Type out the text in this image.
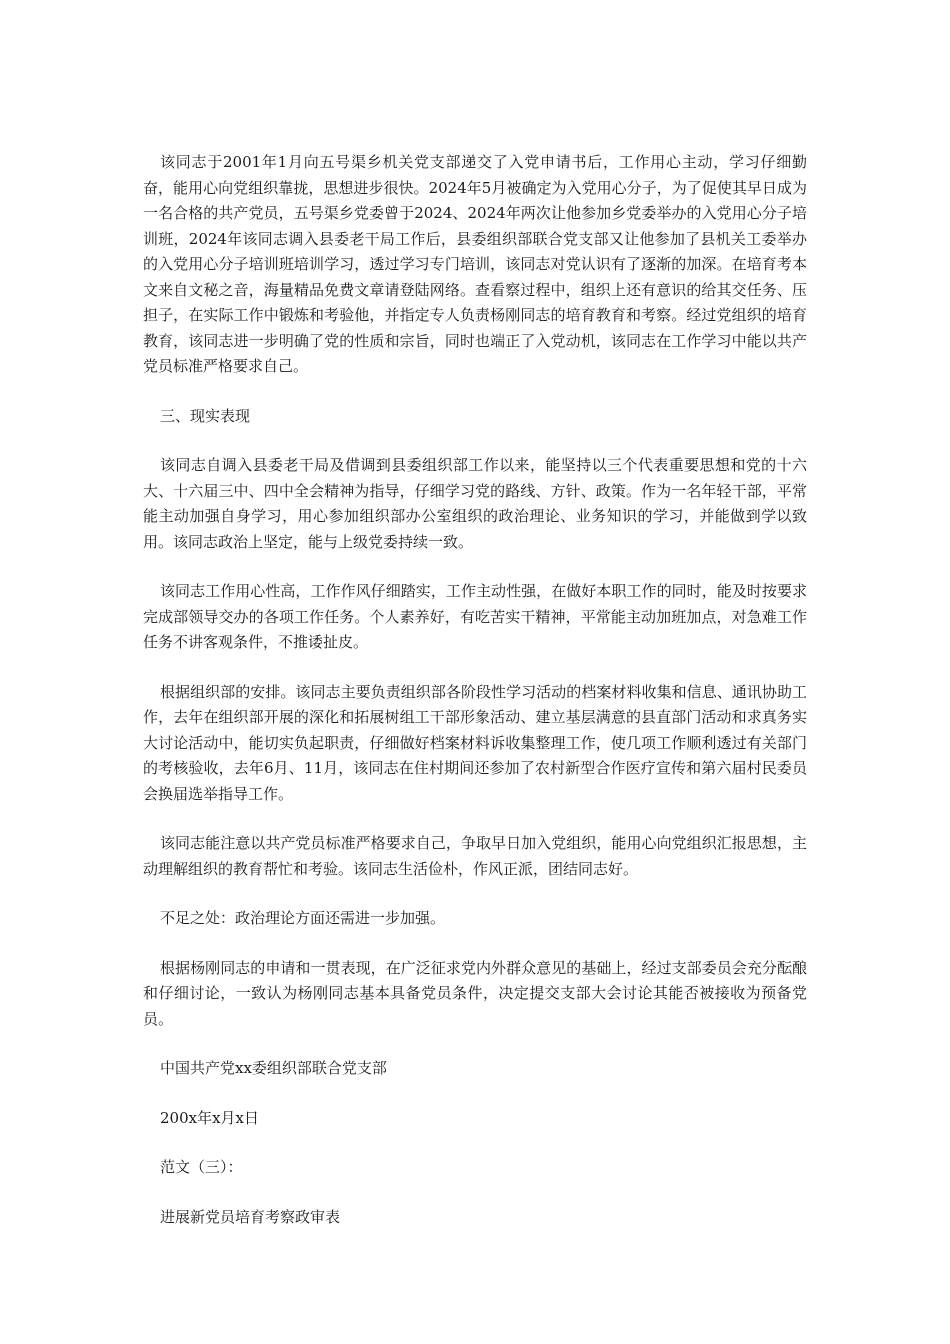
该同志于2001年1月向五号渠乡机关党支部递交了入党申请书后，工作用心主动，学习仔细勤奋，能用心向党组织靠拢，思想进步很快。2024年5月被确定为入党用心分子，为了促使其早日成为一名合格的共产党员，五号渠乡党委曾于2024、2024年两次让他参加乡党委举办的入党用心分子培训班，2024年该同志调入县委老干局工作后，县委组织部联合党支部又让他参加了县机关工委举办的入党用心分子培训班培训学习，透过学习专门培训，该同志对党认识有了逐渐的加深。在培育考本文来自文秘之音，海量精品免费文章请登陆网络。查看察过程中，组织上还有意识的给其交任务、压担子，在实际工作中锻炼和考验他，并指定专人负责杨刚同志的培育教育和考察。经过党组织的培育教育，该同志进一步明确了党的性质和宗旨，同时也端正了入党动机，该同志在工作学习中能以共产党员标准严格要求自己。

三、现实表现

该同志自调入县委老干局及借调到县委组织部工作以来，能坚持以三个代表重要思想和党的十六大、十六届三中、四中全会精神为指导，仔细学习党的路线、方针、政策。作为一名年轻干部，平常能主动加强自身学习，用心参加组织部办公室组织的政治理论、业务知识的学习，并能做到学以致用。该同志政治上坚定，能与上级党委持续一致。

该同志工作用心性高，工作作风仔细踏实，工作主动性强，在做好本职工作的同时，能及时按要求完成部领导交办的各项工作任务。个人素养好，有吃苦实干精神，平常能主动加班加点，对急难工作任务不讲客观条件，不推诿扯皮。

根据组织部的安排。该同志主要负责组织部各阶段性学习活动的档案材料收集和信息、通讯协助工作，去年在组织部开展的深化和拓展树组工干部形象活动、建立基层满意的县直部门活动和求真务实大讨论活动中，能切实负起职责，仔细做好档案材料诉收集整理工作，使几项工作顺利透过有关部门的考核验收，去年6月、11月，该同志在住村期间还参加了农村新型合作医疗宣传和第六届村民委员会换届选举指导工作。

该同志能注意以共产党员标准严格要求自己，争取早日加入党组织，能用心向党组织汇报思想，主动理解组织的教育帮忙和考验。该同志生活俭朴，作风正派，团结同志好。

不足之处：政治理论方面还需进一步加强。

根据杨刚同志的申请和一贯表现，在广泛征求党内外群众意见的基础上，经过支部委员会充分酝酿和仔细讨论，一致认为杨刚同志基本具备党员条件，决定提交支部大会讨论其能否被接收为预备党员。

中国共产党xx委组织部联合党支部

200x年x月x日

范文（三）：

进展新党员培育考察政审表
